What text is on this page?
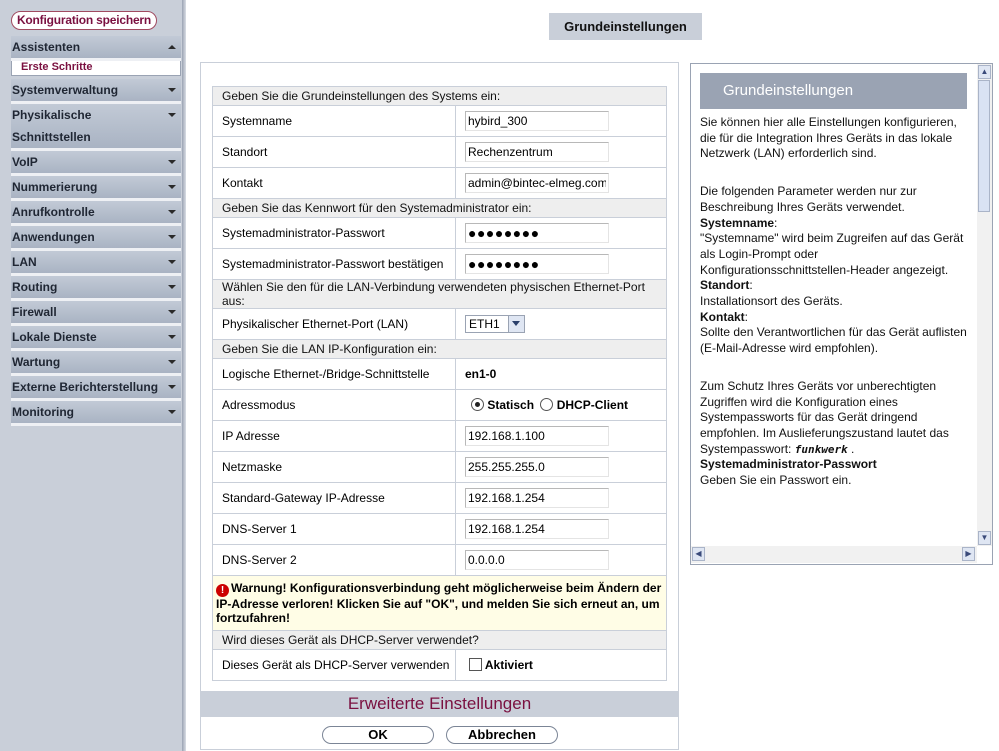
Konfiguration speichern
Assistenten
Erste Schritte
Systemverwaltung
Physikalische
Schnittstellen
VoIP
Nummerierung
Anrufkontrolle
Anwendungen
LAN
Routing
Firewall
Lokale Dienste
Wartung
Externe Berichterstellung
Monitoring
Grundeinstellungen
Geben Sie die Grundeinstellungen des Systems ein:	
Systemname	hybird_300
Standort	Rechenzentrum
Kontakt	admin@bintec-elmeg.com
Geben Sie das Kennwort für den Systemadministrator ein:	
Systemadministrator-Passwort	●●●●●●●●
Systemadministrator-Passwort bestätigen	●●●●●●●●
Wählen Sie den für die LAN-Verbindung verwendeten physischen Ethernet-Port aus:	
Physikalischer Ethernet-Port (LAN)	ETH1

Geben Sie die LAN IP-Konfiguration ein:	
Logische Ethernet-/Bridge-Schnittstelle	en1-0
Adressmodus	Statisch DHCP-Client
IP Adresse	192.168.1.100
Netzmaske	255.255.255.0
Standard-Gateway IP-Adresse	192.168.1.254
DNS-Server 1	192.168.1.254
DNS-Server 2	0.0.0.0
! Warnung! Konfigurationsverbindung geht möglicherweise beim Ändern der IP-Adresse verloren! Klicken Sie auf "OK", und melden Sie sich erneut an, um fortzufahren!	
Wird dieses Gerät als DHCP-Server verwendet?	
Dieses Gerät als DHCP-Server verwenden	Aktiviert
Erweiterte Einstellungen
OK	Abbrechen
Grundeinstellungen

Sie können hier alle Einstellungen konfigurieren, die für die Integration Ihres Geräts in das lokale Netzwerk (LAN) erforderlich sind.

Die folgenden Parameter werden nur zur Beschreibung Ihres Geräts verwendet.

Systemname:

"Systemname" wird beim Zugreifen auf das Gerät als Login-Prompt oder Konfigurationsschnittstellen-Header angezeigt.

Standort:

Installationsort des Geräts.

Kontakt:

Sollte den Verantwortlichen für das Gerät auflisten (E-Mail-Adresse wird empfohlen).

Zum Schutz Ihres Geräts vor unberechtigten Zugriffen wird die Konfiguration eines Systempassworts für das Gerät dringend empfohlen. Im Auslieferungszustand lautet das Systempasswort: funkwerk .

Systemadministrator-Passwort

Geben Sie ein Passwort ein.

▲
▼
◀	▶
